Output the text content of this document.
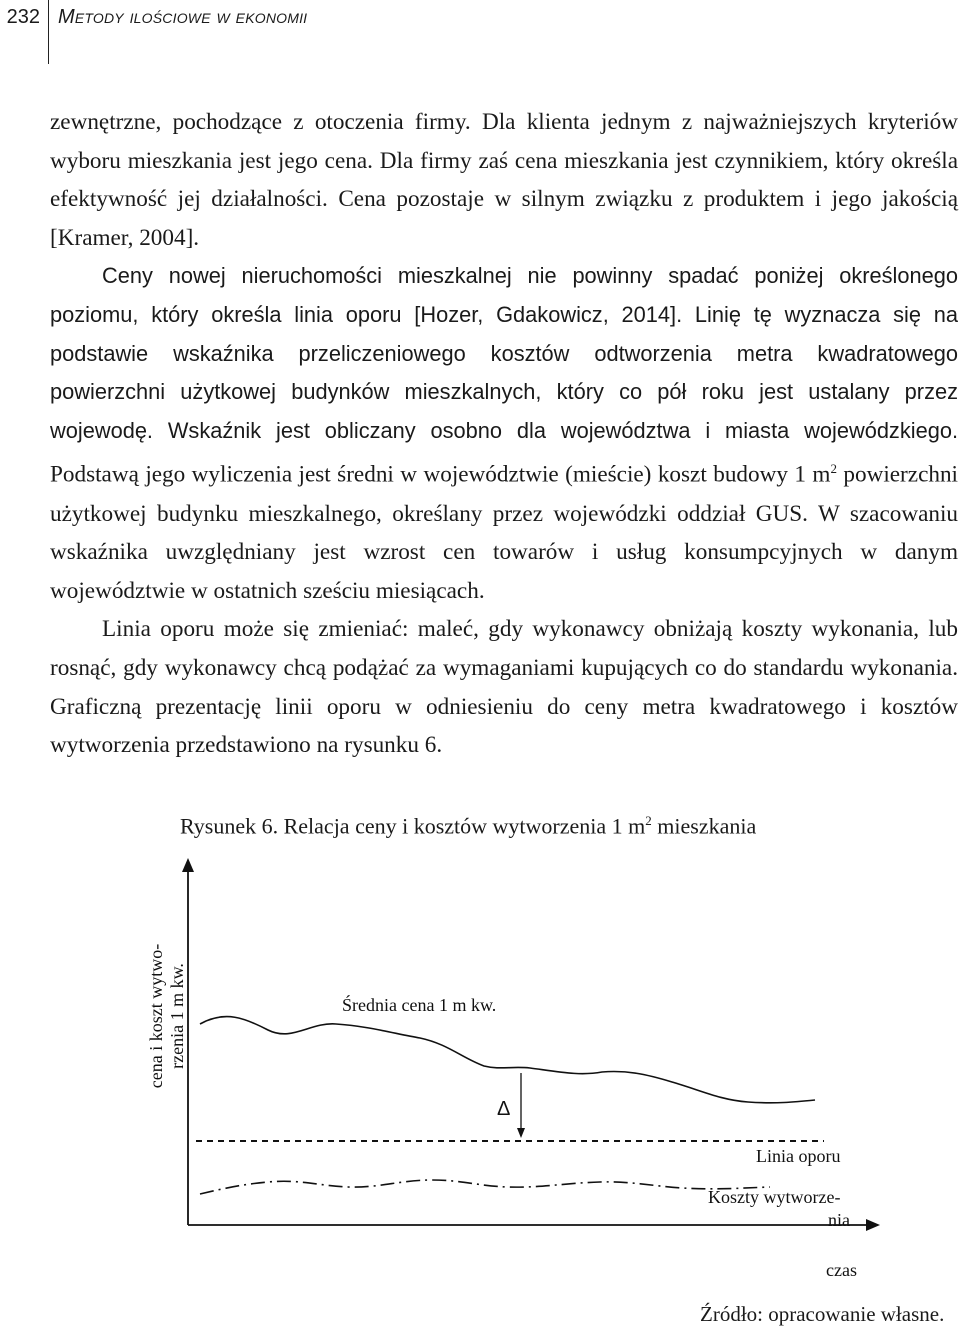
232 Metody ilościowe w ekonomii

zewnętrzne, pochodzące z otoczenia firmy. Dla klienta jednym z najważniejszych kryteriów wyboru mieszkania jest jego cena. Dla firmy zaś cena mieszkania jest czynnikiem, który określa efektywność jej działalności. Cena pozostaje w silnym związku z produktem i jego jakością [Kramer, 2004].

Ceny nowej nieruchomości mieszkalnej nie powinny spadać poniżej określonego poziomu, który określa linia oporu [Hozer, Gdakowicz, 2014]. Linię tę wyznacza się na podstawie wskaźnika przeliczeniowego kosztów odtworzenia metra kwadratowego powierzchni użytkowej budynków mieszkalnych, który co pół roku jest ustalany przez wojewodę. Wskaźnik jest obliczany osobno dla województwa i miasta wojewódzkiego. Podstawą jego wyliczenia jest średni w województwie (mieście) koszt budowy 1 $m^2$ powierzchni użytkowej budynku mieszkalnego, określany przez wojewódzki oddział GUS. W szacowaniu wskaźnika uwzględniany jest wzrost cen towarów i usług konsumpcyjnych w danym województwie w ostatnich sześciu miesiącach.

Linia oporu może się zmieniać: maleć, gdy wykonawcy obniżają koszty wykonania, lub rosnąć, gdy wykonawcy chcą podążać za wymaganiami kupujących co do standardu wykonania. Graficzną prezentację linii oporu w odniesieniu do ceny metra kwadratowego i kosztów wytworzenia przedstawiono na rysunku 6.

Rysunek 6. Relacja ceny i kosztów wytworzenia 1 $m^2$ mieszkania
cena i koszt wytwo- rzenia 1 m kw.	Średnia cena 1 m kw.
Δ
Linia oporu
Koszty wytworze-
nia
czas
Źródło: opracowanie własne.
